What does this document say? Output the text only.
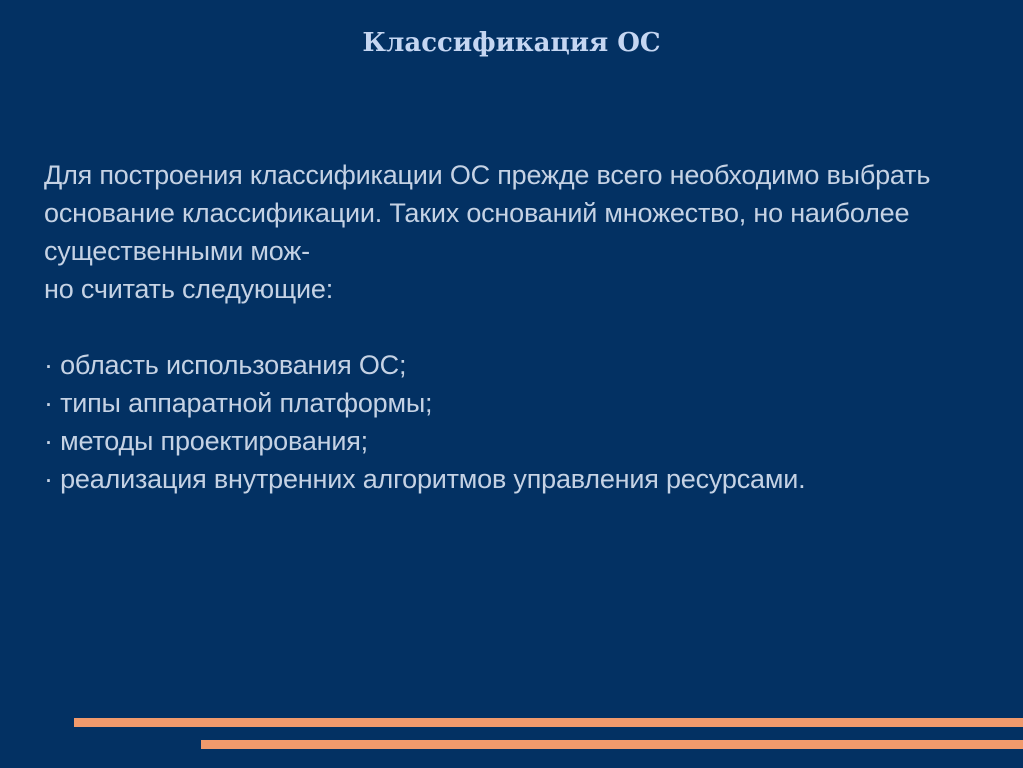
Классификация ОС
Для построения классификации ОС прежде всего необходимо выбрать
основание классификации. Таких оснований множество, но наиболее
существенными мож-
но считать следующие:
· область использования ОС;
· типы аппаратной платформы;
· методы проектирования;
· реализация внутренних алгоритмов управления ресурсами.
